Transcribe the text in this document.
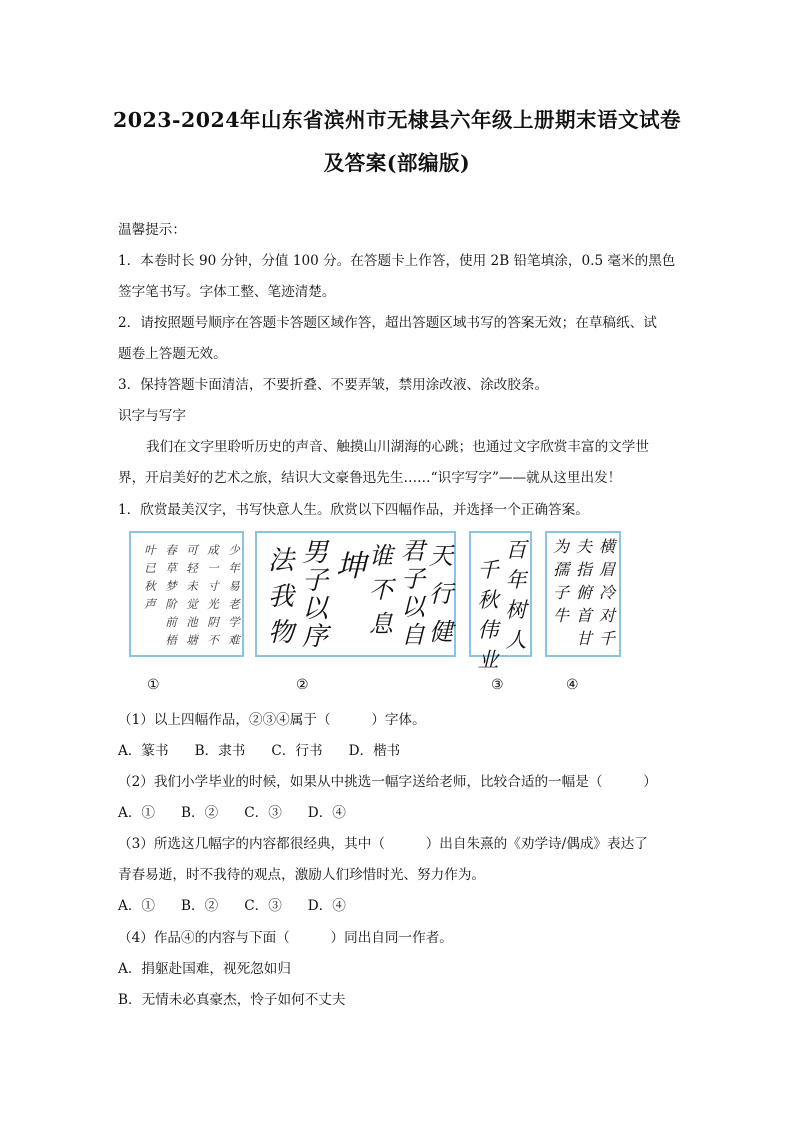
2023-2024年山东省滨州市无棣县六年级上册期末语文试卷
及答案(部编版)

温馨提示：

1．本卷时长 90 分钟，分值 100 分。在答题卡上作答，使用 2B 铅笔填涂，0.5 毫米的黑色

签字笔书写。字体工整、笔迹清楚。

2．请按照题号顺序在答题卡答题区域作答，超出答题区域书写的答案无效；在草稿纸、试

题卷上答题无效。

3．保持答题卡面清洁，不要折叠、不要弄皱，禁用涂改液、涂改胶条。

识字与写字

我们在文字里聆听历史的声音、触摸山川湖海的心跳；也通过文字欣赏丰富的文学世

界，开启美好的艺术之旅，结识大文豪鲁迅先生……“识字写字”——就从这里出发！

1．欣赏最美汉字，书写快意人生。欣赏以下四幅作品，并选择一个正确答案。

少
年
易
老
学
难
成
一
寸
光
阴
不
可
轻
未
觉
池
塘
春
草
梦
阶
前
梧
叶
已
秋
声
法
我
物
男
子
以
序
坤 谁
不
息
君
子
以
自
天
行
健
千
秋
伟
业
百
年
树
人
为
孺
子
牛
夫
指
俯
首
甘
横
眉
冷
对
千
①	②	③	④

（1）以上四幅作品，②③④属于（　　　）字体。

A．篆书 B．隶书 C．行书 D．楷书

（2）我们小学毕业的时候，如果从中挑选一幅字送给老师，比较合适的一幅是（　　　）

A．① B．② C．③ D．④

（3）所选这几幅字的内容都很经典，其中（　　　）出自朱熹的《劝学诗/偶成》表达了

青春易逝，时不我待的观点，激励人们珍惜时光、努力作为。

A．① B．② C．③ D．④

（4）作品④的内容与下面（　　　）同出自同一作者。

A．捐躯赴国难，视死忽如归

B．无情未必真豪杰，怜子如何不丈夫
